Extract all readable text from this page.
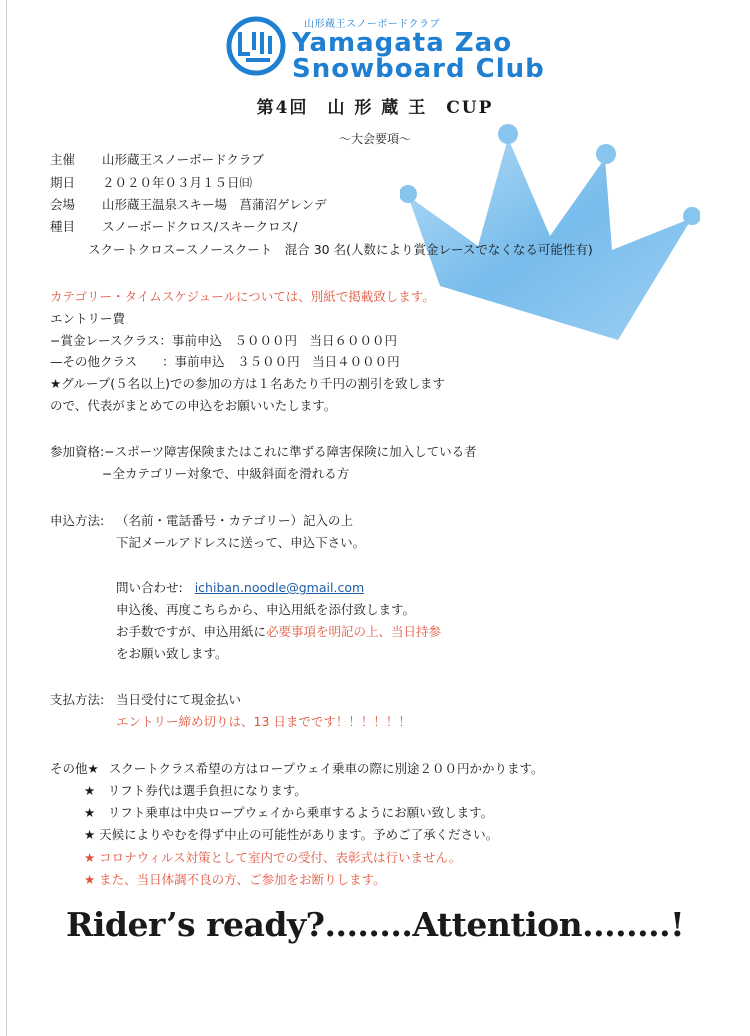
山形蔵王スノーボードクラブ
Yamagata Zao
Snowboard Club
第4回　山 形 蔵 王　CUP
〜大会要項〜
主催 山形蔵王スノーボードクラブ
期日 ２０２０年０３月１５日㈰
会場 山形蔵王温泉スキー場　菖蒲沼ゲレンデ
種目 スノーボードクロス/スキークロス/
スクートクロス−スノースクート　混合 30 名(人数により賞金レースでなくなる可能性有)
カテゴリー・タイムスケジュールについては、別紙で掲載致します。
エントリー費
−賞金レースクラス：事前申込　５０００円　当日６０００円
—その他クラス　　：事前申込　３５００円　当日４０００円
★グループ(５名以上)での参加の方は１名あたり千円の割引を致します
ので、代表がまとめての申込をお願いいたします。
参加資格:−スポーツ障害保険またはこれに準ずる障害保険に加入している者
−全カテゴリー対象で、中級斜面を滑れる方
申込方法: （名前・電話番号・カテゴリー）記入の上
下記メールアドレスに送って、申込下さい。
問い合わせ: ichiban.noodle@gmail.com
申込後、再度こちらから、申込用紙を添付致します。
お手数ですが、申込用紙に必要事項を明記の上、当日持参
をお願い致します。
支払方法: 当日受付にて現金払い
エントリー締め切りは、13 日までです！！！！！！
その他★ スクートクラス希望の方はロープウェイ乗車の際に別途２００円かかります。
★　リフト券代は選手負担になります。
★　リフト乗車は中央ロープウェイから乗車するようにお願い致します。
★ 天候によりやむを得ず中止の可能性があります。予めご了承ください。
★ コロナウィルス対策として室内での受付、表彰式は行いません。
★ また、当日体調不良の方、ご参加をお断りします。
Rider’s ready?........Attention........!
